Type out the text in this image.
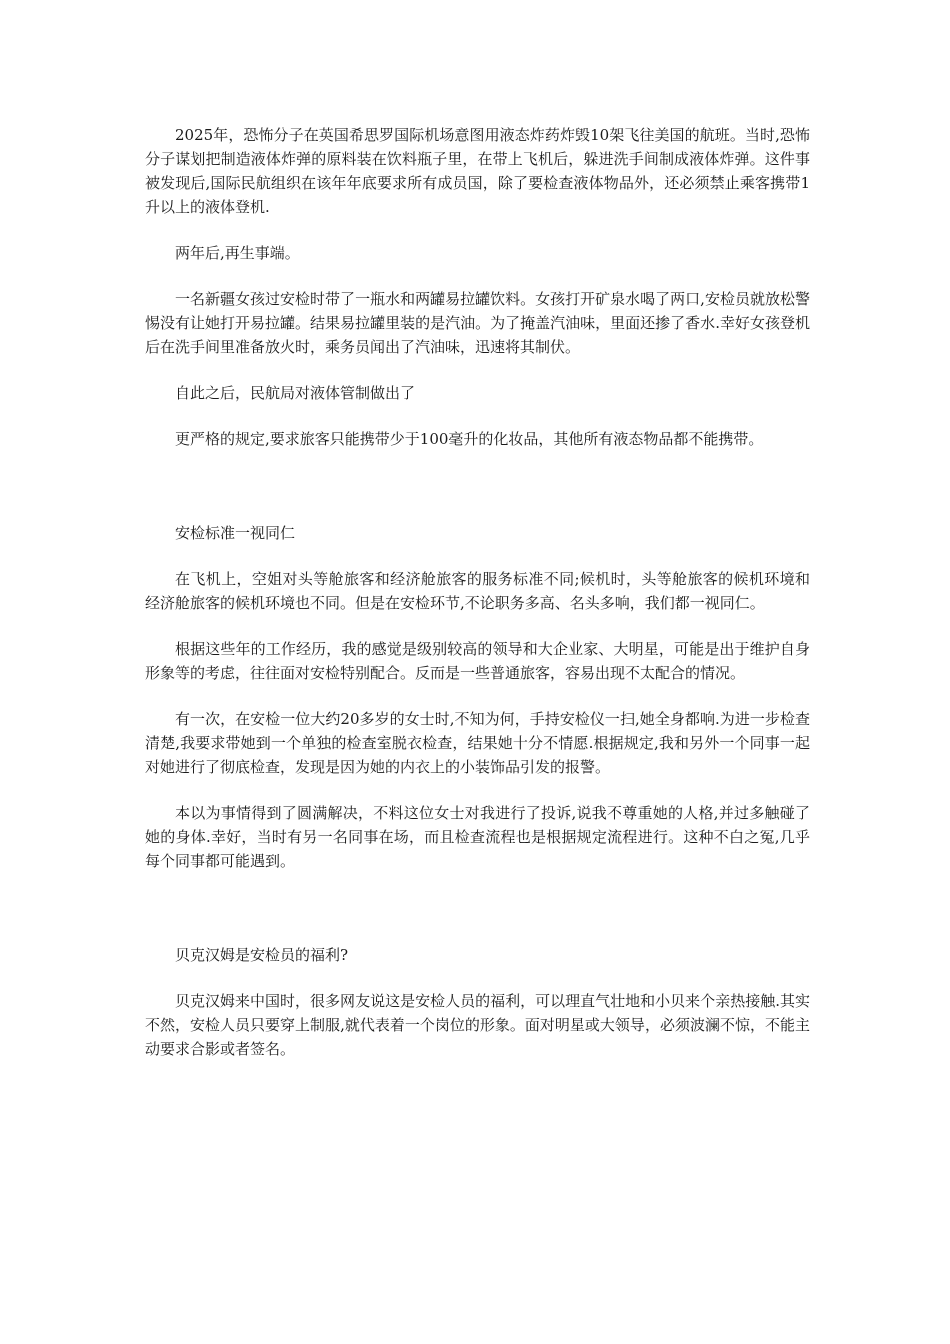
2025年，恐怖分子在英国希思罗国际机场意图用液态炸药炸毁10架飞往美国的航班。当时,恐怖分子谋划把制造液体炸弹的原料装在饮料瓶子里，在带上飞机后，躲进洗手间制成液体炸弹。这件事被发现后,国际民航组织在该年年底要求所有成员国，除了要检查液体物品外，还必须禁止乘客携带1升以上的液体登机.

两年后,再生事端。

一名新疆女孩过安检时带了一瓶水和两罐易拉罐饮料。女孩打开矿泉水喝了两口,安检员就放松警惕没有让她打开易拉罐。结果易拉罐里装的是汽油。为了掩盖汽油味，里面还掺了香水.幸好女孩登机后在洗手间里准备放火时，乘务员闻出了汽油味，迅速将其制伏。

自此之后，民航局对液体管制做出了

更严格的规定,要求旅客只能携带少于100毫升的化妆品，其他所有液态物品都不能携带。

安检标准一视同仁

在飞机上，空姐对头等舱旅客和经济舱旅客的服务标准不同;候机时，头等舱旅客的候机环境和经济舱旅客的候机环境也不同。但是在安检环节,不论职务多高、名头多响，我们都一视同仁。

根据这些年的工作经历，我的感觉是级别较高的领导和大企业家、大明星，可能是出于维护自身形象等的考虑，往往面对安检特别配合。反而是一些普通旅客，容易出现不太配合的情况。

有一次，在安检一位大约20多岁的女士时,不知为何，手持安检仪一扫,她全身都响.为进一步检查清楚,我要求带她到一个单独的检查室脱衣检查，结果她十分不情愿.根据规定,我和另外一个同事一起对她进行了彻底检查，发现是因为她的内衣上的小装饰品引发的报警。

本以为事情得到了圆满解决，不料这位女士对我进行了投诉,说我不尊重她的人格,并过多触碰了她的身体.幸好，当时有另一名同事在场，而且检查流程也是根据规定流程进行。这种不白之冤,几乎每个同事都可能遇到。

贝克汉姆是安检员的福利?

贝克汉姆来中国时，很多网友说这是安检人员的福利，可以理直气壮地和小贝来个亲热接触.其实不然，安检人员只要穿上制服,就代表着一个岗位的形象。面对明星或大领导，必须波澜不惊，不能主动要求合影或者签名。
